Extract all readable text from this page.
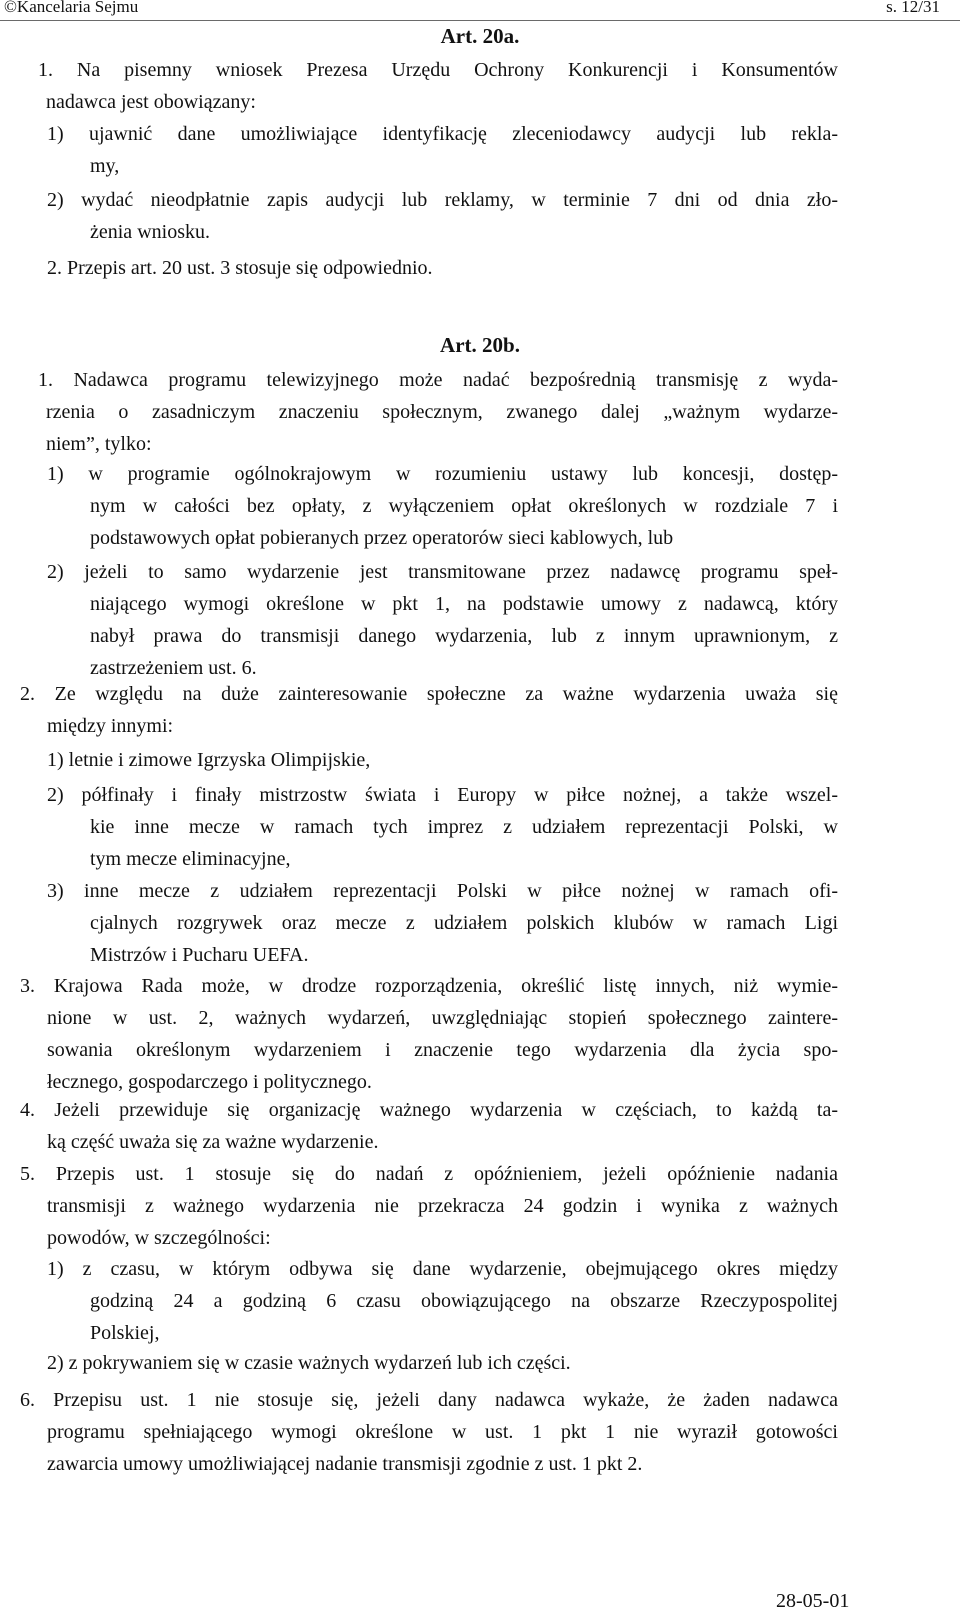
©Kancelaria Sejmu	s. 12/31
Art. 20a.
1. Na pisemny wniosek Prezesa Urzędu Ochrony Konkurencji i Konsumentów
nadawca jest obowiązany:
1) ujawnić dane umożliwiające identyfikację zleceniodawcy audycji lub rekla-
my,
2) wydać nieodpłatnie zapis audycji lub reklamy, w terminie 7 dni od dnia zło-
żenia wniosku.
2. Przepis art. 20 ust. 3 stosuje się odpowiednio.
Art. 20b.
1. Nadawca programu telewizyjnego może nadać bezpośrednią transmisję z wyda-
rzenia o zasadniczym znaczeniu społecznym, zwanego dalej „ważnym wydarze-
niem”, tylko:
1) w programie ogólnokrajowym w rozumieniu ustawy lub koncesji, dostęp-
nym w całości bez opłaty, z wyłączeniem opłat określonych w rozdziale 7 i
podstawowych opłat pobieranych przez operatorów sieci kablowych, lub
2) jeżeli to samo wydarzenie jest transmitowane przez nadawcę programu speł-
niającego wymogi określone w pkt 1, na podstawie umowy z nadawcą, który
nabył prawa do transmisji danego wydarzenia, lub z innym uprawnionym, z
zastrzeżeniem ust. 6.
2. Ze względu na duże zainteresowanie społeczne za ważne wydarzenia uważa się
między innymi:
1) letnie i zimowe Igrzyska Olimpijskie,
2) półfinały i finały mistrzostw świata i Europy w piłce nożnej, a także wszel-
kie inne mecze w ramach tych imprez z udziałem reprezentacji Polski, w
tym mecze eliminacyjne,
3) inne mecze z udziałem reprezentacji Polski w piłce nożnej w ramach ofi-
cjalnych rozgrywek oraz mecze z udziałem polskich klubów w ramach Ligi
Mistrzów i Pucharu UEFA.
3. Krajowa Rada może, w drodze rozporządzenia, określić listę innych, niż wymie-
nione w ust. 2, ważnych wydarzeń, uwzględniając stopień społecznego zaintere-
sowania określonym wydarzeniem i znaczenie tego wydarzenia dla życia spo-
łecznego, gospodarczego i politycznego.
4. Jeżeli przewiduje się organizację ważnego wydarzenia w częściach, to każdą ta-
ką część uważa się za ważne wydarzenie.
5. Przepis ust. 1 stosuje się do nadań z opóźnieniem, jeżeli opóźnienie nadania
transmisji z ważnego wydarzenia nie przekracza 24 godzin i wynika z ważnych
powodów, w szczególności:
1) z czasu, w którym odbywa się dane wydarzenie, obejmującego okres między
godziną 24 a godziną 6 czasu obowiązującego na obszarze Rzeczypospolitej
Polskiej,
2) z pokrywaniem się w czasie ważnych wydarzeń lub ich części.
6. Przepisu ust. 1 nie stosuje się, jeżeli dany nadawca wykaże, że żaden nadawca
programu spełniającego wymogi określone w ust. 1 pkt 1 nie wyraził gotowości
zawarcia umowy umożliwiającej nadanie transmisji zgodnie z ust. 1 pkt 2.
28-05-01
